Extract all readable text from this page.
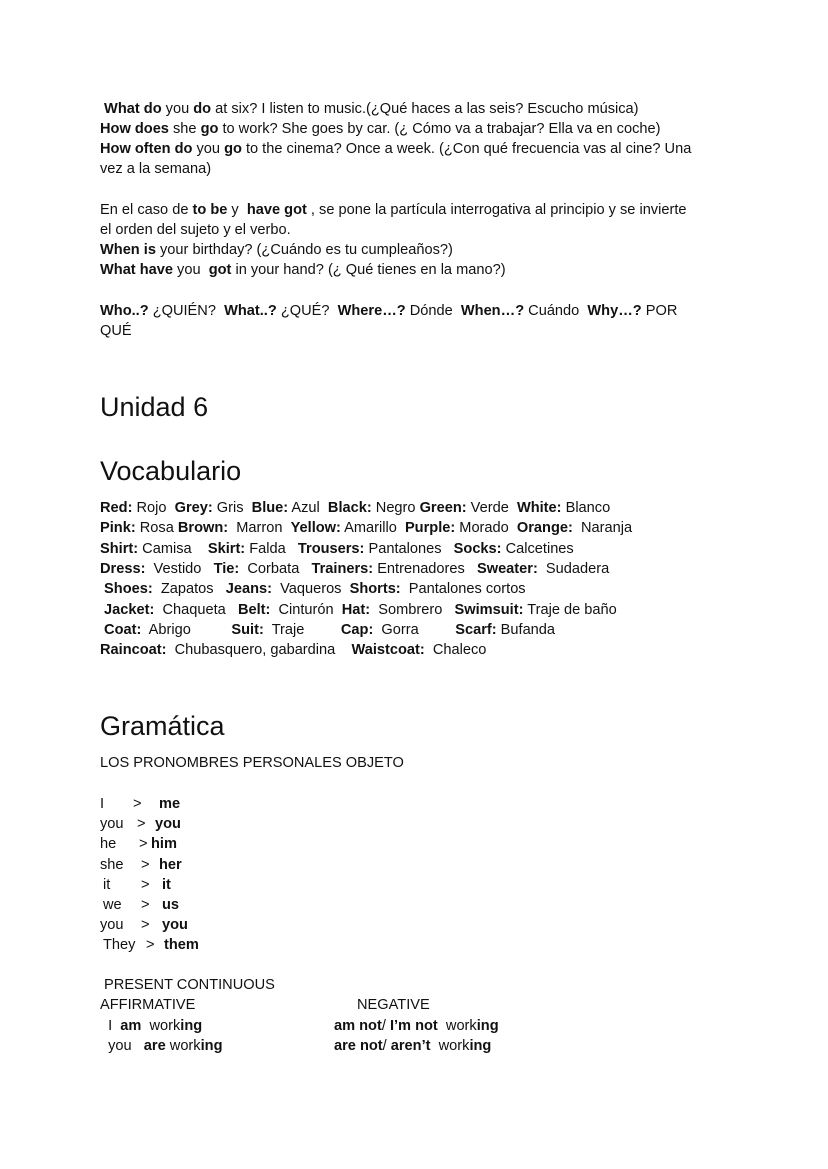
What do you do at six? I listen to music.(¿Qué haces a las seis? Escucho música)
How does she go to work? She goes by car. (¿ Cómo va a trabajar? Ella va en coche)
How often do you go to the cinema? Once a week. (¿Con qué frecuencia vas al cine? Una
vez a la semana)
En el caso de to be y  have got , se pone la partícula interrogativa al principio y se invierte
el orden del sujeto y el verbo.
When is your birthday? (¿Cuándo es tu cumpleaños?)
What have you  got in your hand? (¿ Qué tienes en la mano?)
Who..? ¿QUIÉN?  What..? ¿QUÉ?  Where…? Dónde  When…? Cuándo  Why…? POR
QUÉ
Unidad 6
Vocabulario
Red: Rojo  Grey: Gris  Blue: Azul  Black: Negro Green: Verde  White: Blanco
Pink: Rosa Brown:  Marron  Yellow: Amarillo  Purple: Morado  Orange:  Naranja
Shirt: Camisa    Skirt: Falda   Trousers: Pantalones   Socks: Calcetines
Dress:  Vestido   Tie:  Corbata   Trainers: Entrenadores   Sweater:  Sudadera
Shoes:  Zapatos   Jeans:  Vaqueros  Shorts:  Pantalones cortos
Jacket:  Chaqueta   Belt:  Cinturón  Hat:  Sombrero   Swimsuit: Traje de baño
Coat:  Abrigo          Suit:  Traje         Cap:  Gorra         Scarf: Bufanda
Raincoat:  Chubasquero, gabardina    Waistcoat:  Chaleco
Gramática
LOS PRONOMBRES PERSONALES OBJETO
I > me
you > you
he > him
she > her
it > it
we > us
you > you
They > them
PRESENT CONTINUOUS
AFFIRMATIVE	NEGATIVE
I  am  working
you   are working
am not/ I’m not  working
are not/ aren’t  working
